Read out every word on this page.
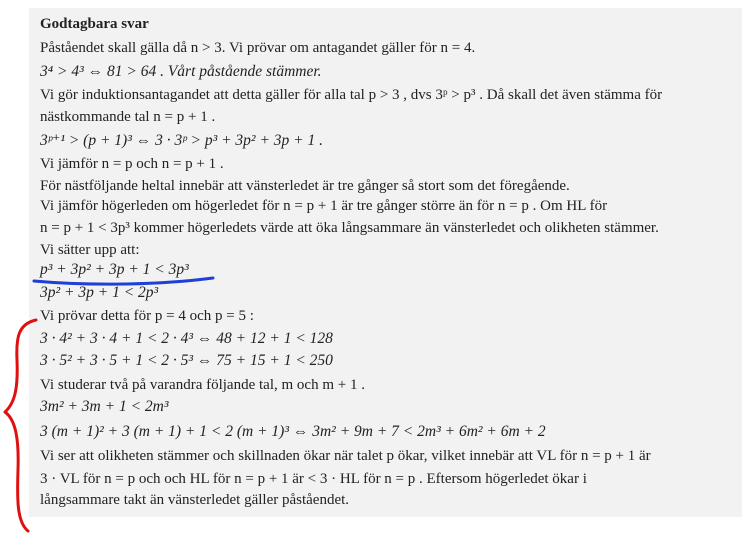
Godtagbara svar
Påståendet skall gälla då n > 3. Vi prövar om antagandet gäller för n = 4.
3⁴ > 4³ ⇔ 81 > 64 . Vårt påstående stämmer.
Vi gör induktionsantagandet att detta gäller för alla tal p > 3 , dvs 3ᵖ > p³ . Då skall det även stämma för
nästkommande tal n = p + 1 .
3ᵖ⁺¹ > (p + 1)³ ⇔ 3 · 3ᵖ > p³ + 3p² + 3p + 1 .
Vi jämför n = p och n = p + 1 .
För nästföljande heltal innebär att vänsterledet är tre gånger så stort som det föregående.
Vi jämför högerleden om högerledet för n = p + 1 är tre gånger större än för n = p . Om HL för
n = p + 1 < 3p³ kommer högerledets värde att öka långsammare än vänsterledet och olikheten stämmer.
Vi sätter upp att:
p³ + 3p² + 3p + 1 < 3p³
3p² + 3p + 1 < 2p³
Vi prövar detta för p = 4 och p = 5 :
3 · 4² + 3 · 4 + 1 < 2 · 4³ ⇔ 48 + 12 + 1 < 128
3 · 5² + 3 · 5 + 1 < 2 · 5³ ⇔ 75 + 15 + 1 < 250
Vi studerar två på varandra följande tal, m och m + 1 .
3m² + 3m + 1 < 2m³
3 (m + 1)² + 3 (m + 1) + 1 < 2 (m + 1)³ ⇔ 3m² + 9m + 7 < 2m³ + 6m² + 6m + 2
Vi ser att olikheten stämmer och skillnaden ökar när talet p ökar, vilket innebär att VL för n = p + 1 är
3 · VL för n = p och och HL för n = p + 1 är < 3 · HL för n = p . Eftersom högerledet ökar i
långsammare takt än vänsterledet gäller påståendet.
